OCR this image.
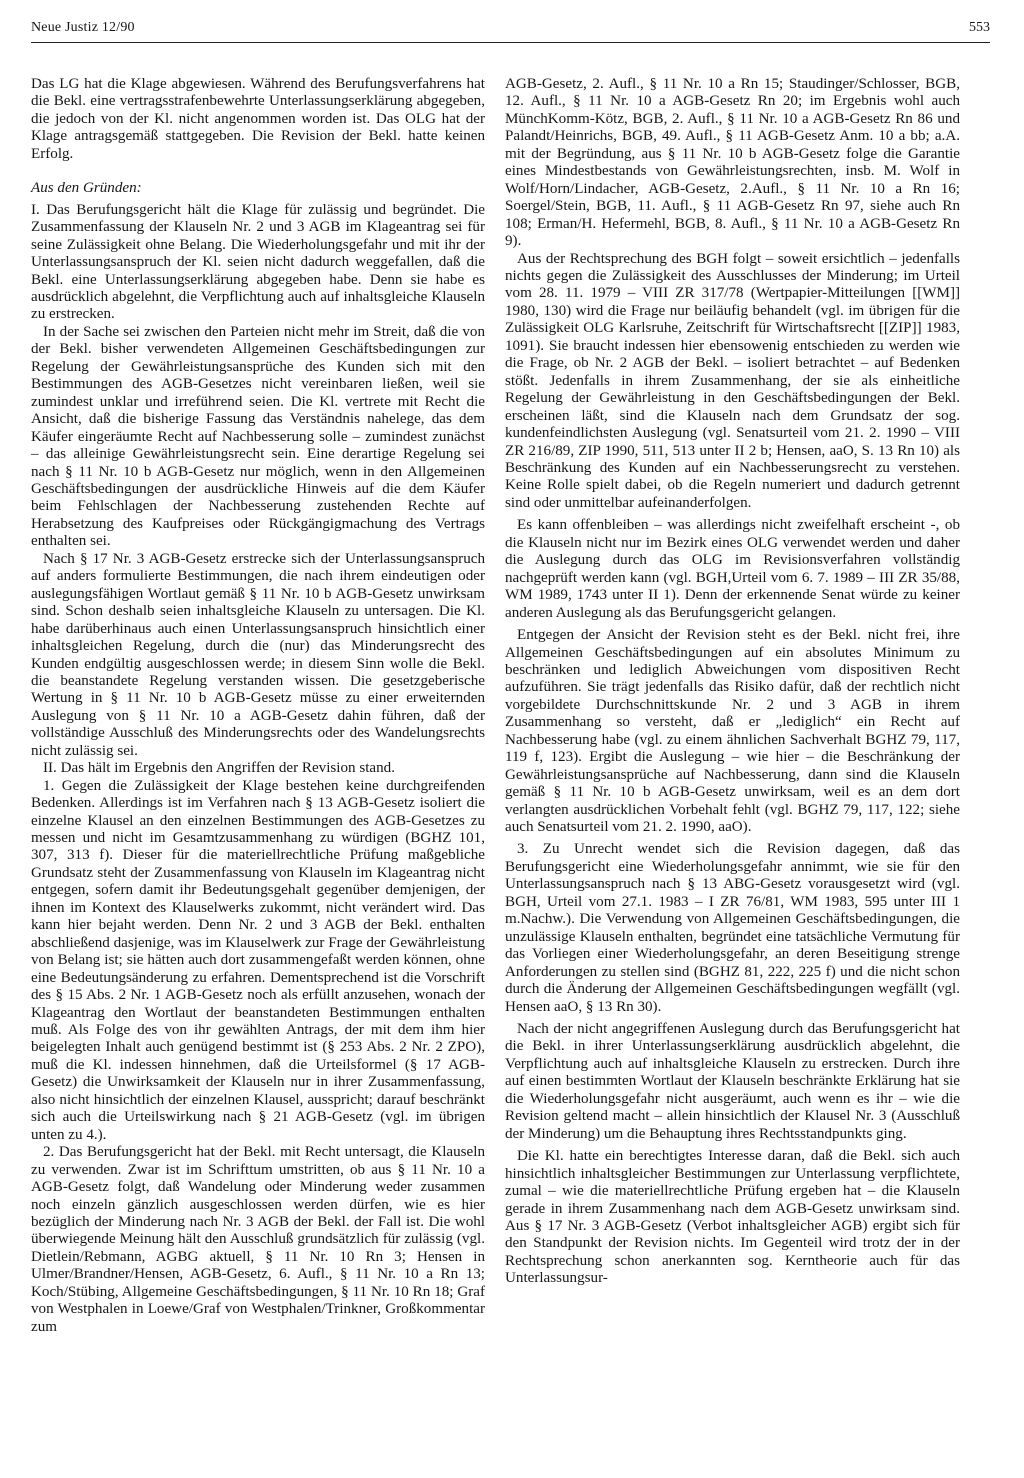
Neue Justiz 12/90	553

Das LG hat die Klage abgewiesen. Während des Berufungsverfahrens hat die Bekl. eine vertragsstrafenbewehrte Unterlassungserklärung abgegeben, die jedoch von der Kl. nicht angenommen worden ist. Das OLG hat der Klage antragsgemäß stattgegeben. Die Revision der Bekl. hatte keinen Erfolg.

Aus den Gründen:

I. Das Berufungsgericht hält die Klage für zulässig und begründet. Die Zusammenfassung der Klauseln Nr. 2 und 3 AGB im Klageantrag sei für seine Zulässigkeit ohne Belang. Die Wiederholungsgefahr und mit ihr der Unterlassungsanspruch der Kl. seien nicht dadurch weggefallen, daß die Bekl. eine Unterlassungserklärung abgegeben habe. Denn sie habe es ausdrücklich abgelehnt, die Verpflichtung auch auf inhaltsgleiche Klauseln zu erstrecken.

In der Sache sei zwischen den Parteien nicht mehr im Streit, daß die von der Bekl. bisher verwendeten Allgemeinen Geschäftsbedingungen zur Regelung der Gewährleistungsansprüche des Kunden sich mit den Bestimmungen des AGB-Gesetzes nicht vereinbaren ließen, weil sie zumindest unklar und irreführend seien. Die Kl. vertrete mit Recht die Ansicht, daß die bisherige Fassung das Verständnis nahelege, das dem Käufer eingeräumte Recht auf Nachbesserung solle – zumindest zunächst – das alleinige Gewährleistungsrecht sein. Eine derartige Regelung sei nach § 11 Nr. 10 b AGB-Gesetz nur möglich, wenn in den Allgemeinen Geschäftsbedingungen der ausdrückliche Hinweis auf die dem Käufer beim Fehlschlagen der Nachbesserung zustehenden Rechte auf Herabsetzung des Kaufpreises oder Rückgängigmachung des Vertrags enthalten sei.

Nach § 17 Nr. 3 AGB-Gesetz erstrecke sich der Unterlassungsanspruch auf anders formulierte Bestimmungen, die nach ihrem eindeutigen oder auslegungsfähigen Wortlaut gemäß § 11 Nr. 10 b AGB-Gesetz unwirksam sind. Schon deshalb seien inhaltsgleiche Klauseln zu untersagen. Die Kl. habe darüberhinaus auch einen Unterlassungsanspruch hinsichtlich einer inhaltsgleichen Regelung, durch die (nur) das Minderungsrecht des Kunden endgültig ausgeschlossen werde; in diesem Sinn wolle die Bekl. die beanstandete Regelung verstanden wissen. Die gesetzgeberische Wertung in § 11 Nr. 10 b AGB-Gesetz müsse zu einer erweiternden Auslegung von § 11 Nr. 10 a AGB-Gesetz dahin führen, daß der vollständige Ausschluß des Minderungsrechts oder des Wandelungsrechts nicht zulässig sei.

II. Das hält im Ergebnis den Angriffen der Revision stand.

1. Gegen die Zulässigkeit der Klage bestehen keine durchgreifenden Bedenken. Allerdings ist im Verfahren nach § 13 AGB-Gesetz isoliert die einzelne Klausel an den einzelnen Bestimmungen des AGB-Gesetzes zu messen und nicht im Gesamtzusammenhang zu würdigen (BGHZ 101, 307, 313 f). Dieser für die materiellrechtliche Prüfung maßgebliche Grundsatz steht der Zusammenfassung von Klauseln im Klageantrag nicht entgegen, sofern damit ihr Bedeutungsgehalt gegenüber demjenigen, der ihnen im Kontext des Klauselwerks zukommt, nicht verändert wird. Das kann hier bejaht werden. Denn Nr. 2 und 3 AGB der Bekl. enthalten abschließend dasjenige, was im Klauselwerk zur Frage der Gewährleistung von Belang ist; sie hätten auch dort zusammengefaßt werden können, ohne eine Bedeutungsänderung zu erfahren. Dementsprechend ist die Vorschrift des § 15 Abs. 2 Nr. 1 AGB-Gesetz noch als erfüllt anzusehen, wonach der Klageantrag den Wortlaut der beanstandeten Bestimmungen enthalten muß. Als Folge des von ihr gewählten Antrags, der mit dem ihm hier beigelegten Inhalt auch genügend bestimmt ist (§ 253 Abs. 2 Nr. 2 ZPO), muß die Kl. indessen hinnehmen, daß die Urteilsformel (§ 17 AGB-Gesetz) die Unwirksamkeit der Klauseln nur in ihrer Zusammenfassung, also nicht hinsichtlich der einzelnen Klausel, ausspricht; darauf beschränkt sich auch die Urteilswirkung nach § 21 AGB-Gesetz (vgl. im übrigen unten zu 4.).

2. Das Berufungsgericht hat der Bekl. mit Recht untersagt, die Klauseln zu verwenden. Zwar ist im Schrifttum umstritten, ob aus § 11 Nr. 10 a AGB-Gesetz folgt, daß Wandelung oder Minderung weder zusammen noch einzeln gänzlich ausgeschlossen werden dürfen, wie es hier bezüglich der Minderung nach Nr. 3 AGB der Bekl. der Fall ist. Die wohl überwiegende Meinung hält den Ausschluß grundsätzlich für zulässig (vgl. Dietlein/Rebmann, AGBG aktuell, § 11 Nr. 10 Rn 3; Hensen in Ulmer/Brandner/Hensen, AGB-Gesetz, 6. Aufl., § 11 Nr. 10 a Rn 13; Koch/Stübing, Allgemeine Geschäftsbedingungen, § 11 Nr. 10 Rn 18; Graf von Westphalen in Loewe/Graf von Westphalen/Trinkner, Großkommentar zum

AGB-Gesetz, 2. Aufl., § 11 Nr. 10 a Rn 15; Staudinger/Schlosser, BGB, 12. Aufl., § 11 Nr. 10 a AGB-Gesetz Rn 20; im Ergebnis wohl auch MünchKomm-Kötz, BGB, 2. Aufl., § 11 Nr. 10 a AGB-Gesetz Rn 86 und Palandt/Heinrichs, BGB, 49. Aufl., § 11 AGB-Gesetz Anm. 10 a bb; a.A. mit der Begründung, aus § 11 Nr. 10 b AGB-Gesetz folge die Garantie eines Mindestbestands von Gewährleistungsrechten, insb. M. Wolf in Wolf/Horn/Lindacher, AGB-Gesetz, 2.Aufl., § 11 Nr. 10 a Rn 16; Soergel/Stein, BGB, 11. Aufl., § 11 AGB-Gesetz Rn 97, siehe auch Rn 108; Erman/H. Hefermehl, BGB, 8. Aufl., § 11 Nr. 10 a AGB-Gesetz Rn 9).

Aus der Rechtsprechung des BGH folgt – soweit ersichtlich – jedenfalls nichts gegen die Zulässigkeit des Ausschlusses der Minderung; im Urteil vom 28. 11. 1979 – VIII ZR 317/78 (Wertpapier-Mitteilungen [[WM]] 1980, 130) wird die Frage nur beiläufig behandelt (vgl. im übrigen für die Zulässigkeit OLG Karlsruhe, Zeitschrift für Wirtschaftsrecht [[ZIP]] 1983, 1091). Sie braucht indessen hier ebensowenig entschieden zu werden wie die Frage, ob Nr. 2 AGB der Bekl. – isoliert betrachtet – auf Bedenken stößt. Jedenfalls in ihrem Zusammenhang, der sie als einheitliche Regelung der Gewährleistung in den Geschäftsbedingungen der Bekl. erscheinen läßt, sind die Klauseln nach dem Grundsatz der sog. kundenfeindlichsten Auslegung (vgl. Senatsurteil vom 21. 2. 1990 – VIII ZR 216/89, ZIP 1990, 511, 513 unter II 2 b; Hensen, aaO, S. 13 Rn 10) als Beschränkung des Kunden auf ein Nachbesserungsrecht zu verstehen. Keine Rolle spielt dabei, ob die Regeln numeriert und dadurch getrennt sind oder unmittelbar aufeinanderfolgen.

Es kann offenbleiben – was allerdings nicht zweifelhaft erscheint -, ob die Klauseln nicht nur im Bezirk eines OLG verwendet werden und daher die Auslegung durch das OLG im Revisionsverfahren vollständig nachgeprüft werden kann (vgl. BGH,Urteil vom 6. 7. 1989 – III ZR 35/88, WM 1989, 1743 unter II 1). Denn der erkennende Senat würde zu keiner anderen Auslegung als das Berufungsgericht gelangen.

Entgegen der Ansicht der Revision steht es der Bekl. nicht frei, ihre Allgemeinen Geschäftsbedingungen auf ein absolutes Minimum zu beschränken und lediglich Abweichungen vom dispositiven Recht aufzuführen. Sie trägt jedenfalls das Risiko dafür, daß der rechtlich nicht vorgebildete Durchschnittskunde Nr. 2 und 3 AGB in ihrem Zusammenhang so versteht, daß er „lediglich“ ein Recht auf Nachbesserung habe (vgl. zu einem ähnlichen Sachverhalt BGHZ 79, 117, 119 f, 123). Ergibt die Auslegung – wie hier – die Beschränkung der Gewährleistungsansprüche auf Nachbesserung, dann sind die Klauseln gemäß § 11 Nr. 10 b AGB-Gesetz unwirksam, weil es an dem dort verlangten ausdrücklichen Vorbehalt fehlt (vgl. BGHZ 79, 117, 122; siehe auch Senatsurteil vom 21. 2. 1990, aaO).

3. Zu Unrecht wendet sich die Revision dagegen, daß das Berufungsgericht eine Wiederholungsgefahr annimmt, wie sie für den Unterlassungsanspruch nach § 13 ABG-Gesetz vorausgesetzt wird (vgl. BGH, Urteil vom 27.1. 1983 – I ZR 76/81, WM 1983, 595 unter III 1 m.Nachw.). Die Verwendung von Allgemeinen Geschäftsbedingungen, die unzulässige Klauseln enthalten, begründet eine tatsächliche Vermutung für das Vorliegen einer Wiederholungsgefahr, an deren Beseitigung strenge Anforderungen zu stellen sind (BGHZ 81, 222, 225 f) und die nicht schon durch die Änderung der Allgemeinen Geschäftsbedingungen wegfällt (vgl. Hensen aaO, § 13 Rn 30).

Nach der nicht angegriffenen Auslegung durch das Berufungsgericht hat die Bekl. in ihrer Unterlassungserklärung ausdrücklich abgelehnt, die Verpflichtung auch auf inhaltsgleiche Klauseln zu erstrecken. Durch ihre auf einen bestimmten Wortlaut der Klauseln beschränkte Erklärung hat sie die Wiederholungsgefahr nicht ausgeräumt, auch wenn es ihr – wie die Revision geltend macht – allein hinsichtlich der Klausel Nr. 3 (Ausschluß der Minderung) um die Behauptung ihres Rechtsstandpunkts ging.

Die Kl. hatte ein berechtigtes Interesse daran, daß die Bekl. sich auch hinsichtlich inhaltsgleicher Bestimmungen zur Unterlassung verpflichtete, zumal – wie die materiellrechtliche Prüfung ergeben hat – die Klauseln gerade in ihrem Zusammenhang nach dem AGB-Gesetz unwirksam sind. Aus § 17 Nr. 3 AGB-Gesetz (Verbot inhaltsgleicher AGB) ergibt sich für den Standpunkt der Revision nichts. Im Gegenteil wird trotz der in der Rechtsprechung schon anerkannten sog. Kerntheorie auch für das Unterlassungsur-
